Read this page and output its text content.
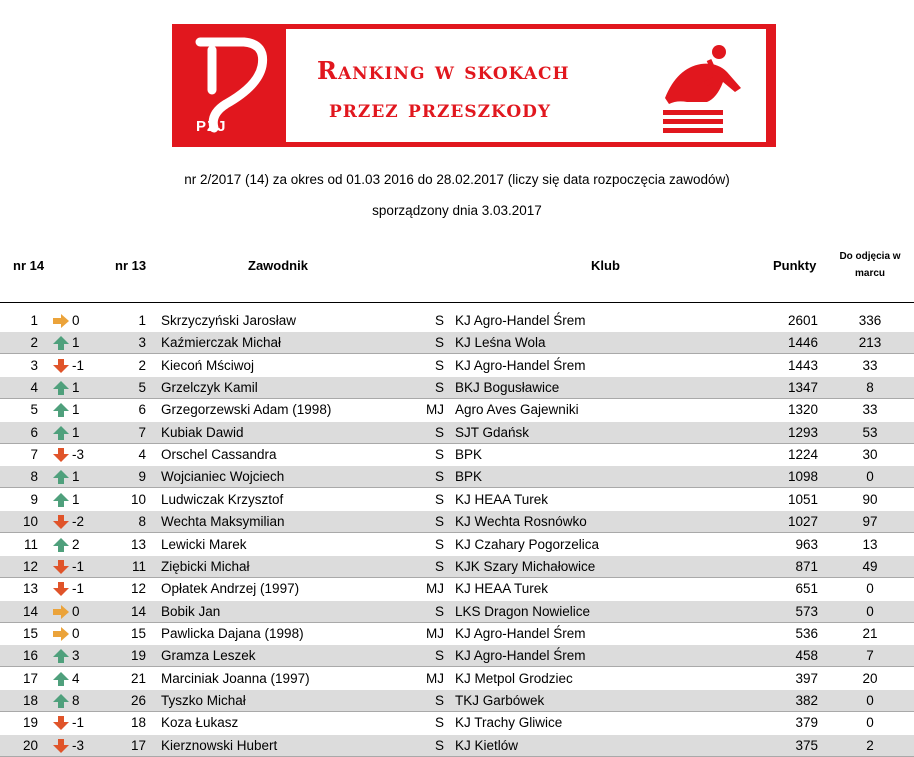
PZJ
Ranking w skokach
przez przeszkody
nr 2/2017 (14) za okres od 01.03 2016 do 28.02.2017 (liczy się data rozpoczęcia zawodów)
sporządzony dnia 3.03.2017
nr 14	nr 13	Zawodnik	Klub	Punkty
Do odjęcia w
marcu
1	0	1 Skrzyczyński Jarosław	S KJ Agro-Handel Śrem	2601	336
2	1	3 Kaźmierczak Michał	S KJ Leśna Wola	1446	213
3	-1	2 Kiecoń Mściwoj	S KJ Agro-Handel Śrem	1443	33
4	1	5 Grzelczyk Kamil	S BKJ Bogusławice	1347	8
5	1	6 Grzegorzewski Adam (1998)	MJ Agro Aves Gajewniki	1320	33
6	1	7 Kubiak Dawid	S SJT Gdańsk	1293	53
7	-3	4 Orschel Cassandra	S BPK	1224	30
8	1	9 Wojcianiec Wojciech	S BPK	1098	0
9	1	10 Ludwiczak Krzysztof	S KJ HEAA Turek	1051	90
10	-2	8 Wechta Maksymilian	S KJ Wechta Rosnówko	1027	97
11	2	13 Lewicki Marek	S KJ Czahary Pogorzelica	963	13
12	-1	11 Ziębicki Michał	S KJK Szary Michałowice	871	49
13	-1	12 Opłatek Andrzej (1997)	MJ KJ HEAA Turek	651	0
14	0	14 Bobik Jan	S LKS Dragon Nowielice	573	0
15	0	15 Pawlicka Dajana (1998)	MJ KJ Agro-Handel Śrem	536	21
16	3	19 Gramza Leszek	S KJ Agro-Handel Śrem	458	7
17	4	21 Marciniak Joanna (1997)	MJ KJ Metpol Grodziec	397	20
18	8	26 Tyszko Michał	S TKJ Garbówek	382	0
19	-1	18 Koza Łukasz	S KJ Trachy Gliwice	379	0
20	-3	17 Kierznowski Hubert	S KJ Kietlów	375	2
